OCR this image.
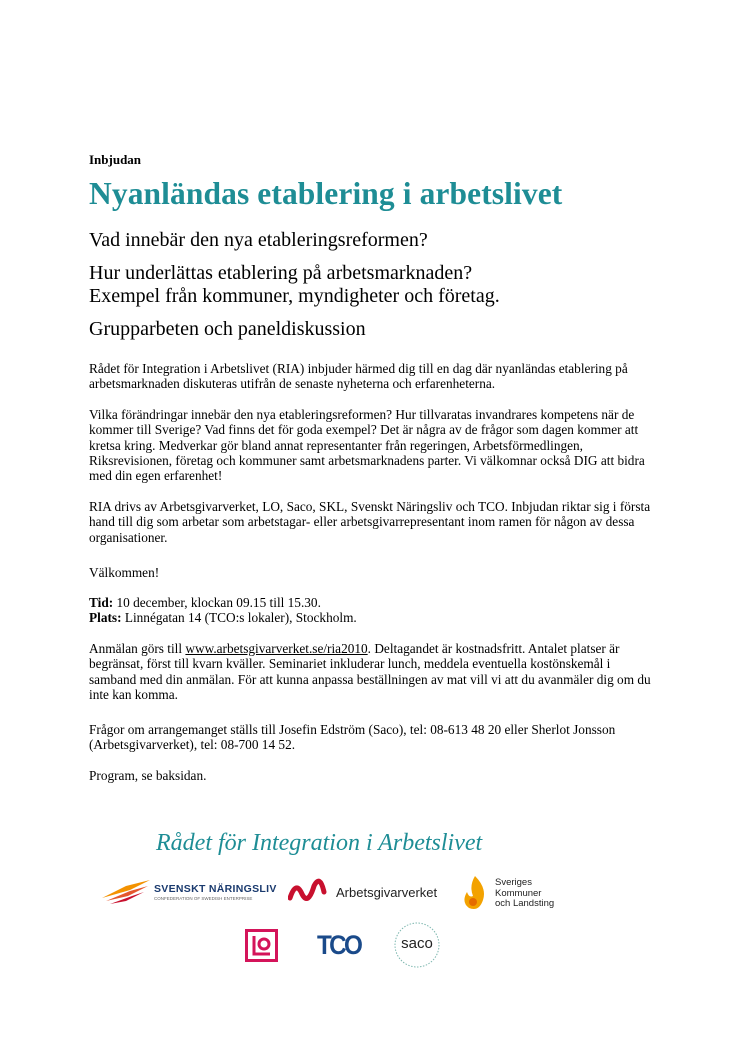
Inbjudan
Nyanländas etablering i arbetslivet

Vad innebär den nya etableringsreformen?

Hur underlättas etablering på arbetsmarknaden?
Exempel från kommuner, myndigheter och företag.

Grupparbeten och paneldiskussion

Rådet för Integration i Arbetslivet (RIA) inbjuder härmed dig till en dag där nyanländas etablering på arbetsmarknaden diskuteras utifrån de senaste nyheterna och erfarenheterna.

Vilka förändringar innebär den nya etableringsreformen? Hur tillvaratas invandrares kompetens när de kommer till Sverige? Vad finns det för goda exempel? Det är några av de frågor som dagen kommer att kretsa kring. Medverkar gör bland annat representanter från regeringen, Arbetsförmedlingen, Riksrevisionen, företag och kommuner samt arbetsmarknadens parter. Vi välkomnar också DIG att bidra med din egen erfarenhet!

RIA drivs av Arbetsgivarverket, LO, Saco, SKL, Svenskt Näringsliv och TCO. Inbjudan riktar sig i första hand till dig som arbetar som arbetstagar- eller arbetsgivarrepresentant inom ramen för någon av dessa organisationer.

Välkommen!

Tid: 10 december, klockan 09.15 till 15.30.

Plats: Linnégatan 14 (TCO:s lokaler), Stockholm.

Anmälan görs till www.arbetsgivarverket.se/ria2010. Deltagandet är kostnadsfritt. Antalet platser är begränsat, först till kvarn kväller. Seminariet inkluderar lunch, meddela eventuella kostönskemål i samband med din anmälan. För att kunna anpassa beställningen av mat vill vi att du avanmäler dig om du inte kan komma.

Frågor om arrangemanget ställs till Josefin Edström (Saco), tel: 08-613 48 20 eller Sherlot Jonsson (Arbetsgivarverket), tel: 08-700 14 52.

Program, se baksidan.

Rådet för Integration i Arbetslivet
SVENSKT NÄRINGSLIV
CONFEDERATION OF SWEDISH ENTERPRISE	Arbetsgivarverket
Sveriges
Kommuner
och Landsting
TCO	saco
